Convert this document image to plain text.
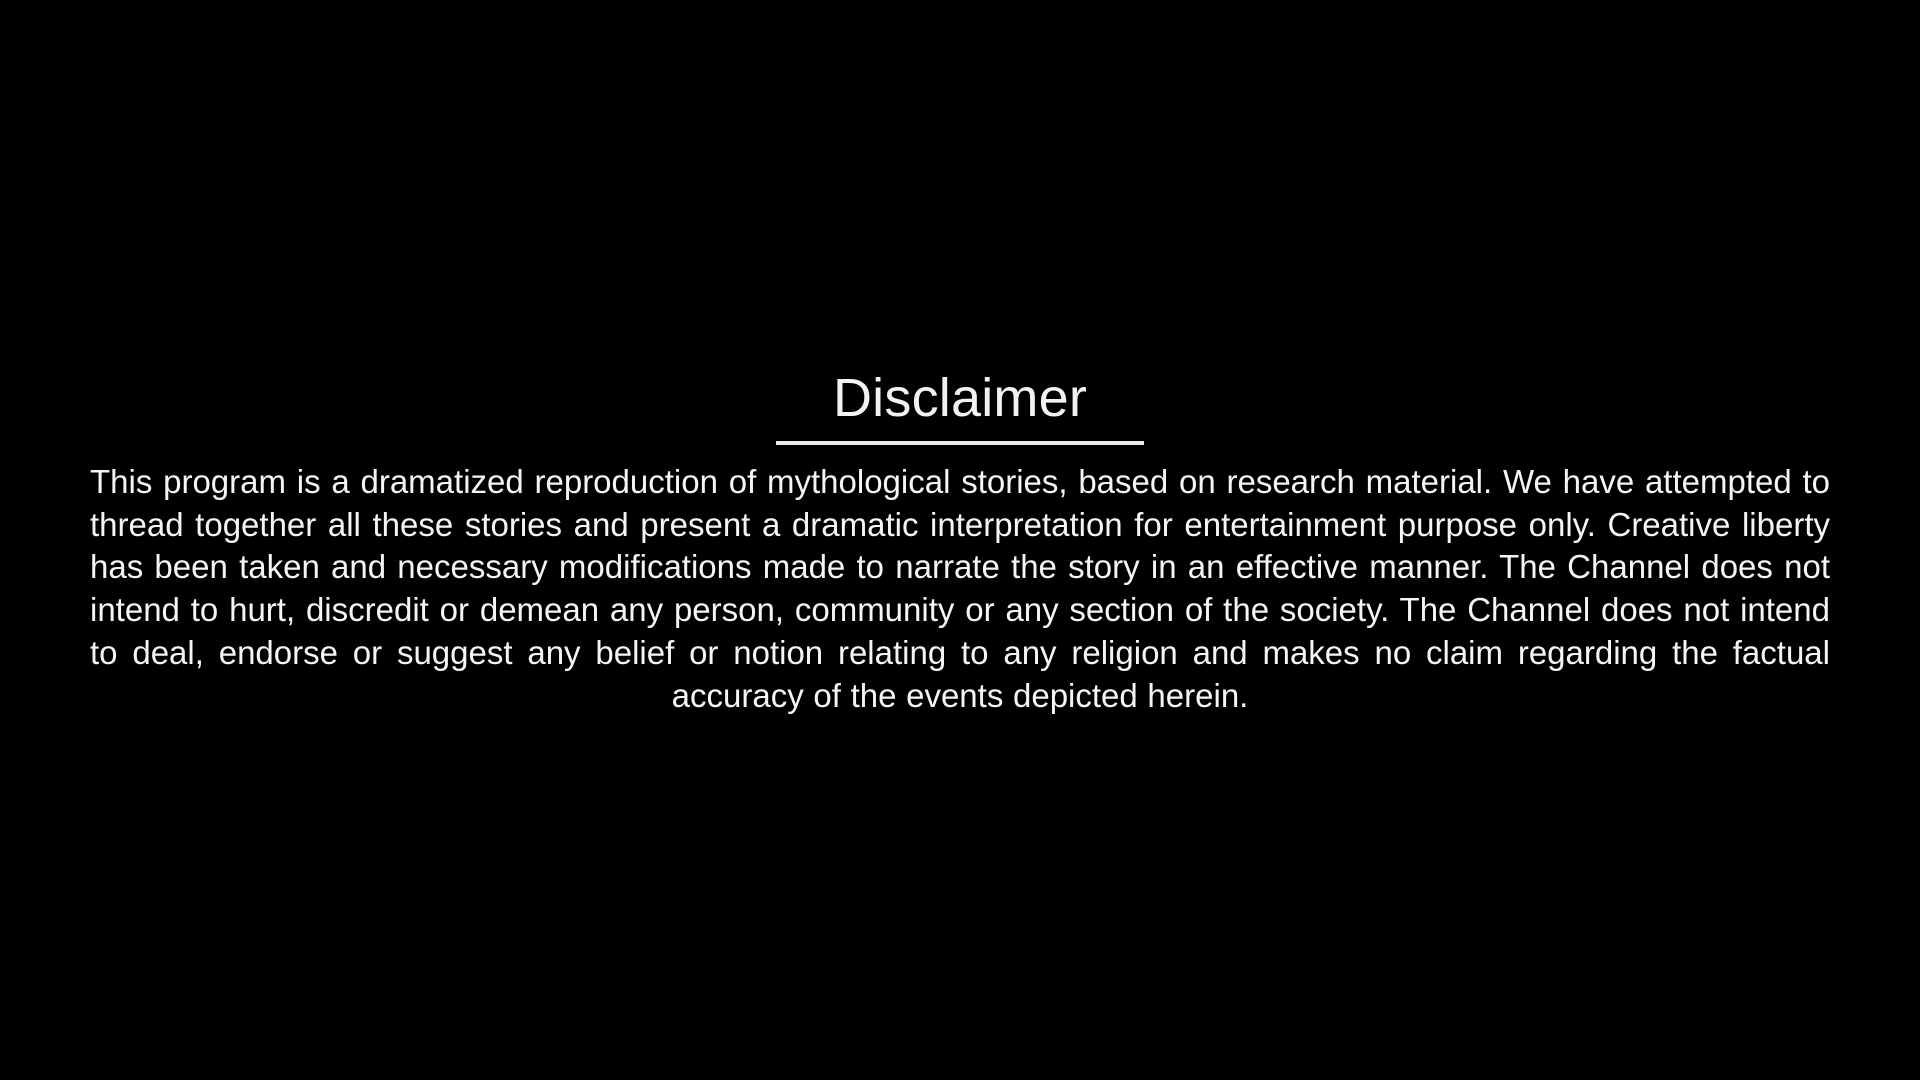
Disclaimer

This program is a dramatized reproduction of mythological stories, based on research material. We have attempted to thread together all these stories and present a dramatic interpretation for entertainment purpose only. Creative liberty has been taken and necessary modifications made to narrate the story in an effective manner. The Channel does not intend to hurt, discredit or demean any person, community or any section of the society. The Channel does not intend to deal, endorse or suggest any belief or notion relating to any religion and makes no claim regarding the factual accuracy of the events depicted herein.
